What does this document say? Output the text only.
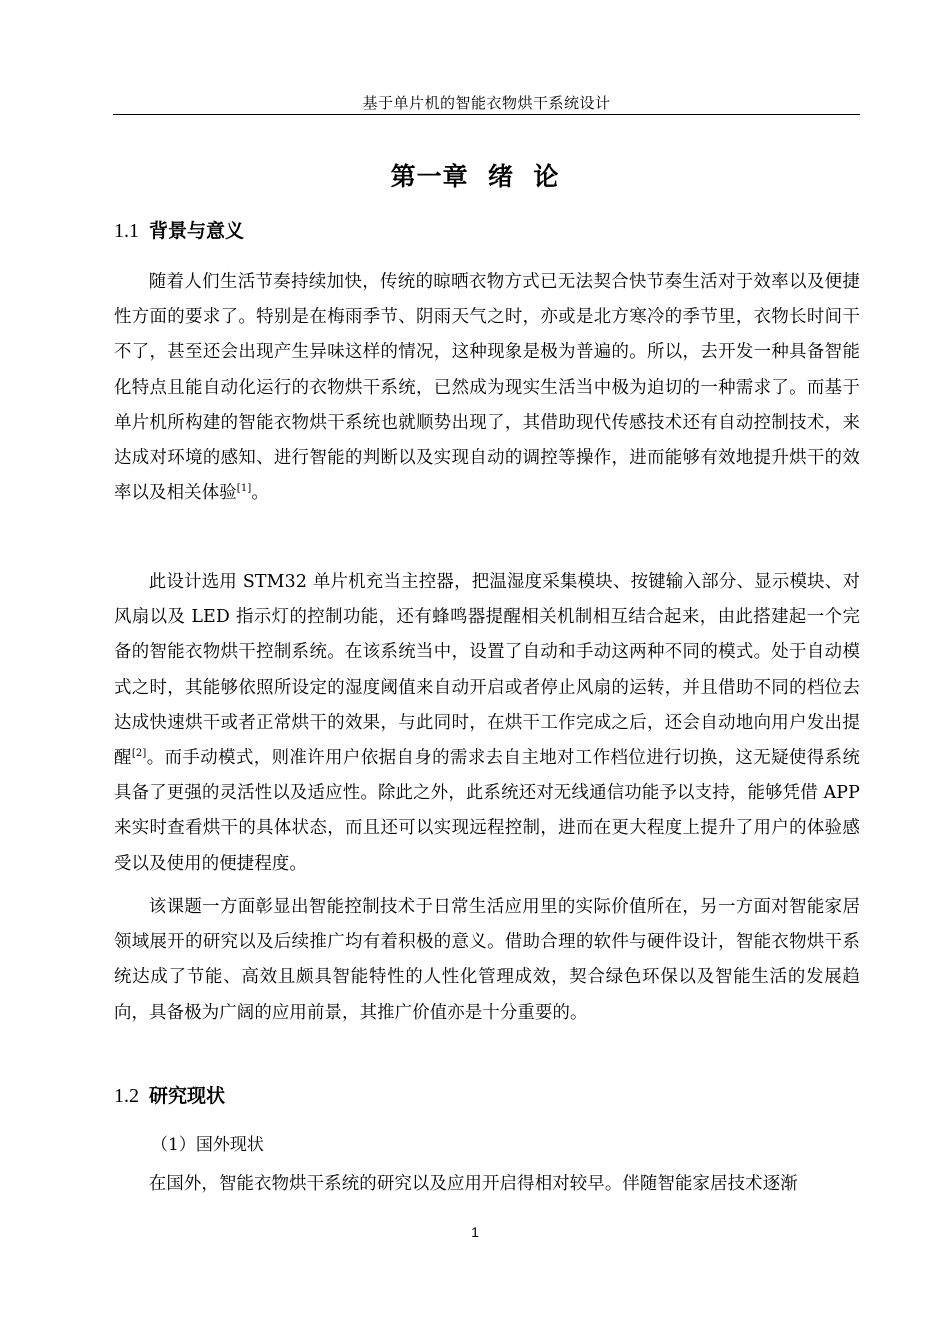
基于单片机的智能衣物烘干系统设计
第一章  绪  论
1.1 背景与意义

随着人们生活节奏持续加快，传统的晾晒衣物方式已无法契合快节奏生活对于效率以及便捷性方面的要求了。特别是在梅雨季节、阴雨天气之时，亦或是北方寒冷的季节里，衣物长时间干不了，甚至还会出现产生异味这样的情况，这种现象是极为普遍的。所以，去开发一种具备智能化特点且能自动化运行的衣物烘干系统，已然成为现实生活当中极为迫切的一种需求了。而基于单片机所构建的智能衣物烘干系统也就顺势出现了，其借助现代传感技术还有自动控制技术，来达成对环境的感知、进行智能的判断以及实现自动的调控等操作，进而能够有效地提升烘干的效率以及相关体验[1]。

此设计选用 STM32 单片机充当主控器，把温湿度采集模块、按键输入部分、显示模块、对风扇以及 LED 指示灯的控制功能，还有蜂鸣器提醒相关机制相互结合起来，由此搭建起一个完备的智能衣物烘干控制系统。在该系统当中，设置了自动和手动这两种不同的模式。处于自动模式之时，其能够依照所设定的湿度阈值来自动开启或者停止风扇的运转，并且借助不同的档位去达成快速烘干或者正常烘干的效果，与此同时，在烘干工作完成之后，还会自动地向用户发出提醒[2]。而手动模式，则准许用户依据自身的需求去自主地对工作档位进行切换，这无疑使得系统具备了更强的灵活性以及适应性。除此之外，此系统还对无线通信功能予以支持，能够凭借 APP 来实时查看烘干的具体状态，而且还可以实现远程控制，进而在更大程度上提升了用户的体验感受以及使用的便捷程度。

该课题一方面彰显出智能控制技术于日常生活应用里的实际价值所在，另一方面对智能家居领域展开的研究以及后续推广均有着积极的意义。借助合理的软件与硬件设计，智能衣物烘干系统达成了节能、高效且颇具智能特性的人性化管理成效，契合绿色环保以及智能生活的发展趋向，具备极为广阔的应用前景，其推广价值亦是十分重要的。

1.2 研究现状
（1）国外现状

在国外，智能衣物烘干系统的研究以及应用开启得相对较早。伴随智能家居技术逐渐

1
